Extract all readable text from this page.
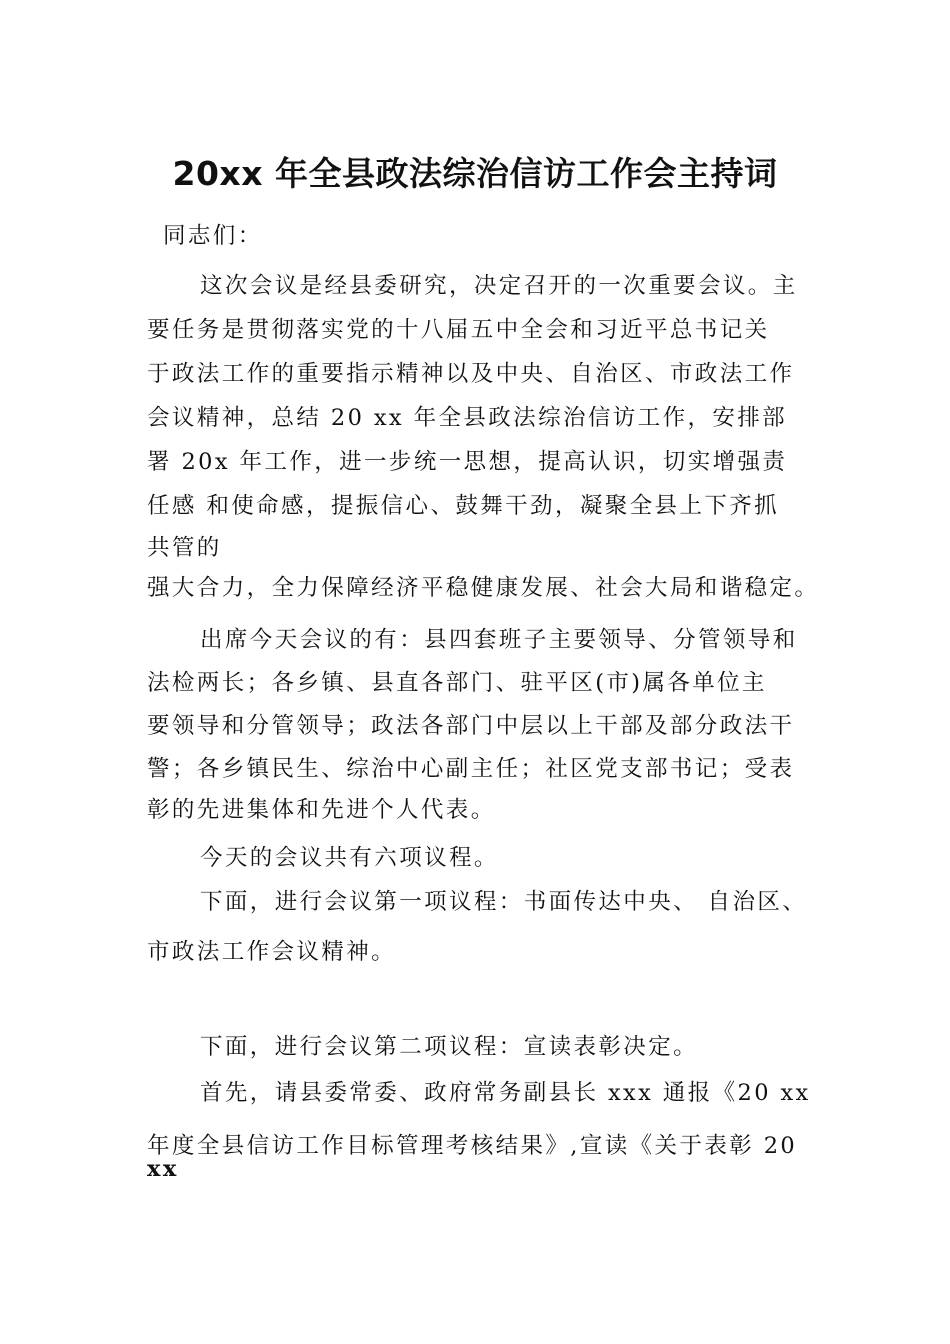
20xx 年全县政法综治信访工作会主持词

同志们：

这次会议是经县委研究，决定召开的一次重要会议。主

要任务是贯彻落实党的十八届五中全会和习近平总书记关

于政法工作的重要指示精神以及中央、自治区、市政法工作

会议精神，总结 20 xx 年全县政法综治信访工作，安排部

署 20x 年工作，进一步统一思想，提高认识，切实增强责

任感 和使命感，提振信心、鼓舞干劲，凝聚全县上下齐抓

共管的

强大合力，全力保障经济平稳健康发展、社会大局和谐稳定。

出席今天会议的有：县四套班子主要领导、分管领导和

法检两长；各乡镇、县直各部门、驻平区(市)属各单位主

要领导和分管领导；政法各部门中层以上干部及部分政法干

警；各乡镇民生、综治中心副主任；社区党支部书记；受表

彰的先进集体和先进个人代表。

今天的会议共有六项议程。

下面，进行会议第一项议程：书面传达中央、 自治区、

市政法工作会议精神。

下面，进行会议第二项议程：宣读表彰决定。

首先，请县委常委、政府常务副县长 xxx 通报《20 xx

年度全县信访工作目标管理考核结果》,宣读《关于表彰 20

xx
